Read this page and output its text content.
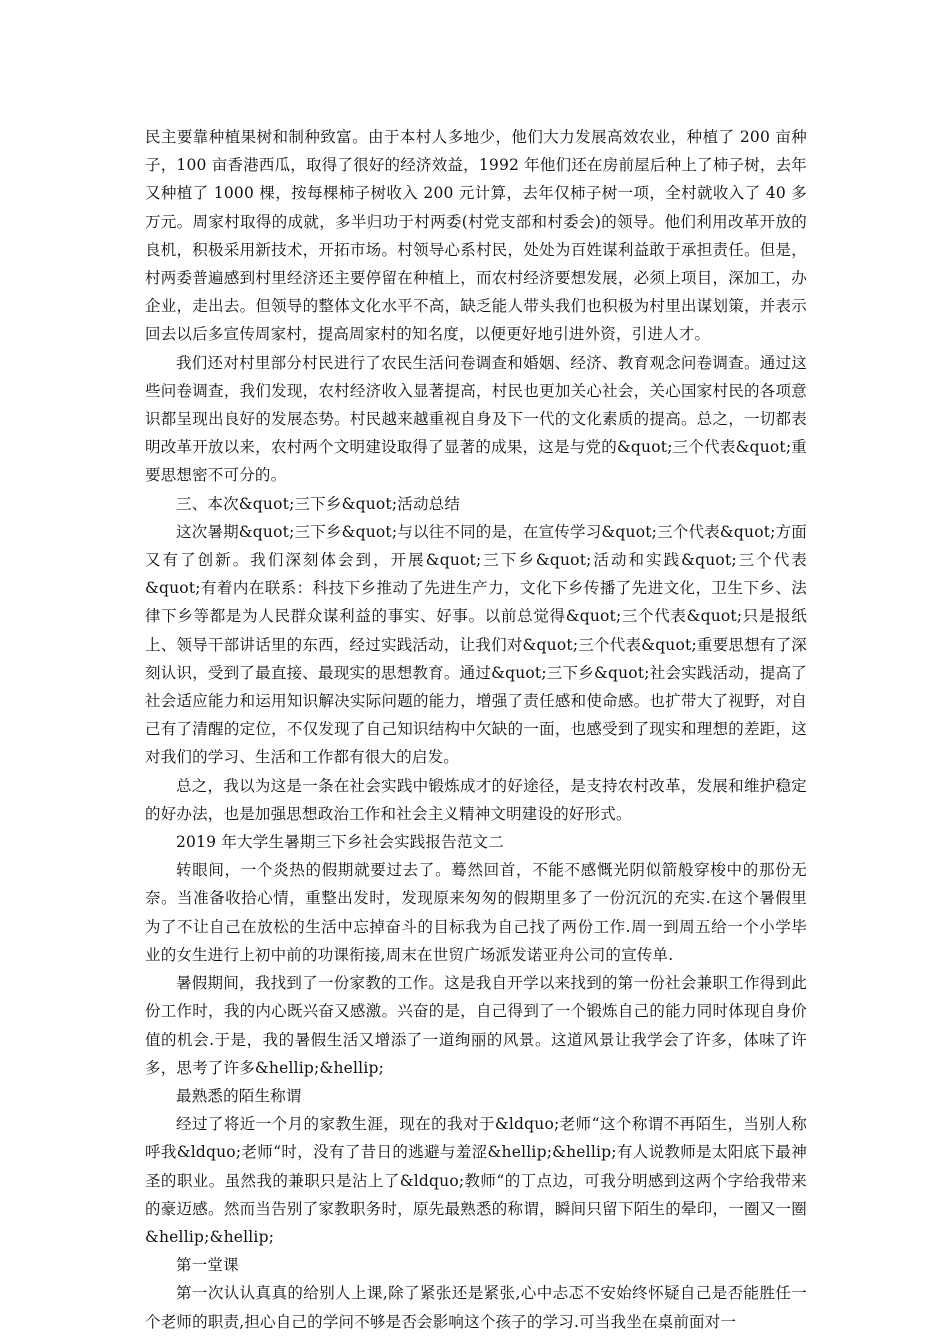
民主要靠种植果树和制种致富。由于本村人多地少，他们大力发展高效农业，种植了 200 亩种子，100 亩香港西瓜，取得了很好的经济效益，1992 年他们还在房前屋后种上了柿子树，去年又种植了 1000 棵，按每棵柿子树收入 200 元计算，去年仅柿子树一项，全村就收入了 40 多万元。周家村取得的成就，多半归功于村两委(村党支部和村委会)的领导。他们利用改革开放的良机，积极采用新技术，开拓市场。村领导心系村民，处处为百姓谋利益敢于承担责任。但是，村两委普遍感到村里经济还主要停留在种植上，而农村经济要想发展，必须上项目，深加工，办企业，走出去。但领导的整体文化水平不高，缺乏能人带头我们也积极为村里出谋划策，并表示回去以后多宣传周家村，提高周家村的知名度，以便更好地引进外资，引进人才。

我们还对村里部分村民进行了农民生活问卷调查和婚姻、经济、教育观念问卷调查。通过这些问卷调查，我们发现，农村经济收入显著提高，村民也更加关心社会，关心国家村民的各项意识都呈现出良好的发展态势。村民越来越重视自身及下一代的文化素质的提高。总之，一切都表明改革开放以来，农村两个文明建设取得了显著的成果，这是与党的&quot;三个代表&quot;重要思想密不可分的。

三、本次&quot;三下乡&quot;活动总结

这次暑期&quot;三下乡&quot;与以往不同的是，在宣传学习&quot;三个代表&quot;方面又有了创新。我们深刻体会到，开展&quot;三下乡&quot;活动和实践&quot;三个代表&quot;有着内在联系：科技下乡推动了先进生产力，文化下乡传播了先进文化，卫生下乡、法律下乡等都是为人民群众谋利益的事实、好事。以前总觉得&quot;三个代表&quot;只是报纸上、领导干部讲话里的东西，经过实践活动，让我们对&quot;三个代表&quot;重要思想有了深刻认识，受到了最直接、最现实的思想教育。通过&quot;三下乡&quot;社会实践活动，提高了社会适应能力和运用知识解决实际问题的能力，增强了责任感和使命感。也扩带大了视野，对自己有了清醒的定位，不仅发现了自己知识结构中欠缺的一面，也感受到了现实和理想的差距，这对我们的学习、生活和工作都有很大的启发。

总之，我以为这是一条在社会实践中锻炼成才的好途径，是支持农村改革，发展和维护稳定的好办法，也是加强思想政治工作和社会主义精神文明建设的好形式。

2019 年大学生暑期三下乡社会实践报告范文二

转眼间，一个炎热的假期就要过去了。蓦然回首，不能不感慨光阴似箭般穿梭中的那份无奈。当准备收拾心情，重整出发时，发现原来匆匆的假期里多了一份沉沉的充实.在这个暑假里为了不让自己在放松的生活中忘掉奋斗的目标我为自己找了两份工作.周一到周五给一个小学毕业的女生进行上初中前的功课衔接,周末在世贸广场派发诺亚舟公司的宣传单.

暑假期间，我找到了一份家教的工作。这是我自开学以来找到的第一份社会兼职工作得到此份工作时，我的内心既兴奋又感激。兴奋的是，自己得到了一个锻炼自己的能力同时体现自身价值的机会.于是，我的暑假生活又增添了一道绚丽的风景。这道风景让我学会了许多，体味了许多，思考了许多&hellip;&hellip;

最熟悉的陌生称谓

经过了将近一个月的家教生涯，现在的我对于&ldquo;老师“这个称谓不再陌生，当别人称呼我&ldquo;老师“时，没有了昔日的逃避与羞涩&hellip;&hellip;有人说教师是太阳底下最神圣的职业。虽然我的兼职只是沾上了&ldquo;教师“的丁点边，可我分明感到这两个字给我带来的豪迈感。然而当告别了家教职务时，原先最熟悉的称谓，瞬间只留下陌生的晕印，一圈又一圈&hellip;&hellip;

第一堂课

第一次认认真真的给别人上课,除了紧张还是紧张,心中忐忑不安始终怀疑自己是否能胜任一个老师的职责,担心自己的学问不够是否会影响这个孩子的学习.可当我坐在桌前面对一
